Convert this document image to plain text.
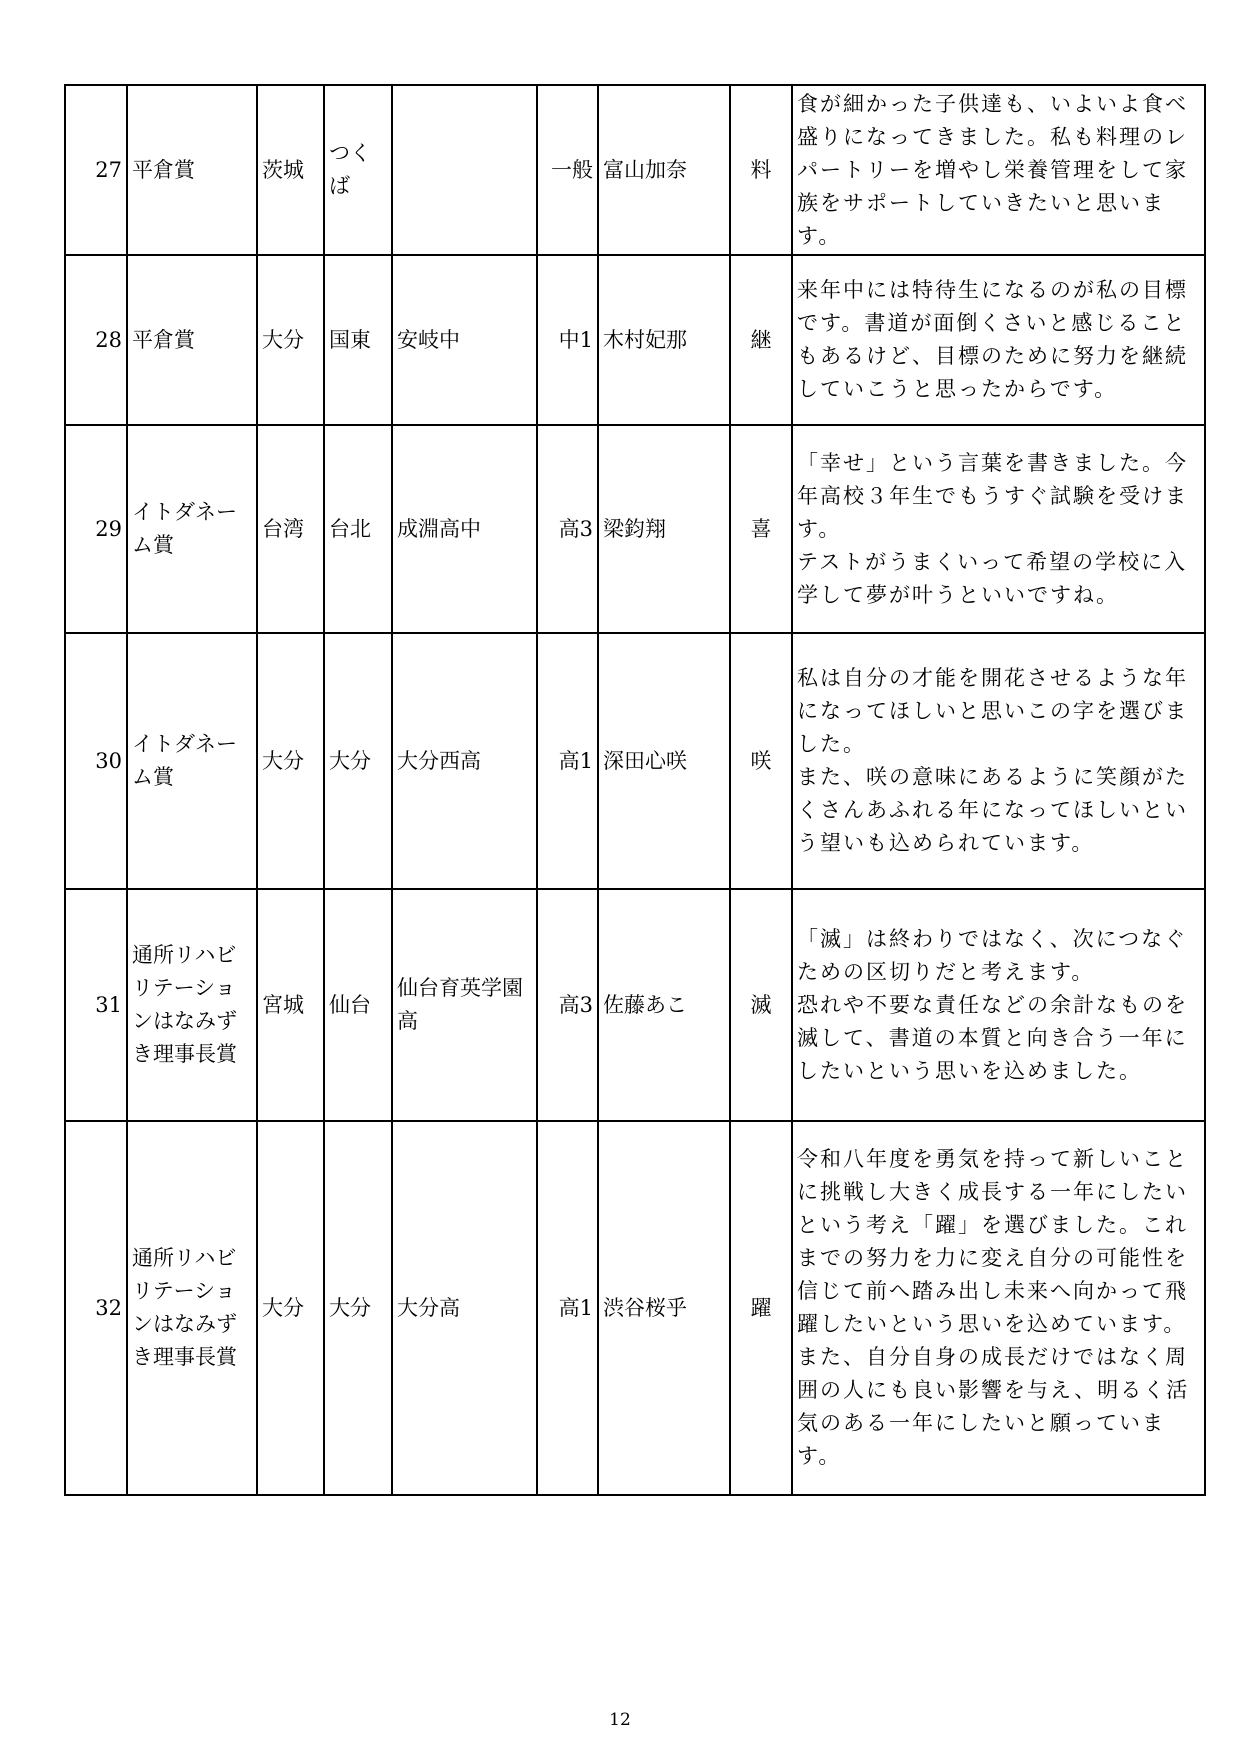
27	平倉賞	茨城	つくば		一般	富山加奈	料	食が細かった子供達も、いよいよ食べ盛りになってきました。私も料理のレパートリーを増やし栄養管理をして家族をサポートしていきたいと思います。

28	平倉賞	大分	国東	安岐中	中1	木村妃那	継	来年中には特待生になるのが私の目標です。書道が面倒くさいと感じることもあるけど、目標のために努力を継続していこうと思ったからです。

29	イトダネーム賞	台湾	台北	成淵高中	高3	梁鈞翔	喜	「幸せ」という言葉を書きました。今年高校３年生でもうすぐ試験を受けます。
テストがうまくいって希望の学校に入学して夢が叶うといいですね。

30	イトダネーム賞	大分	大分	大分西高	高1	深田心咲	咲	私は自分の才能を開花させるような年になってほしいと思いこの字を選びました。
また、咲の意味にあるように笑顔がたくさんあふれる年になってほしいという望いも込められています。

31	通所リハビリテーションはなみずき理事長賞	宮城	仙台	仙台育英学園高	高3	佐藤あこ	滅	「滅」は終わりではなく、次につなぐための区切りだと考えます。
恐れや不要な責任などの余計なものを滅して、書道の本質と向き合う一年にしたいという思いを込めました。

32	通所リハビリテーションはなみずき理事長賞	大分	大分	大分高	高1	渋谷桜乎	躍	令和八年度を勇気を持って新しいことに挑戦し大きく成長する一年にしたいという考え「躍」を選びました。これまでの努力を力に変え自分の可能性を信じて前へ踏み出し未来へ向かって飛躍したいという思いを込めています。また、自分自身の成長だけではなく周囲の人にも良い影響を与え、明るく活気のある一年にしたいと願っています。
12
